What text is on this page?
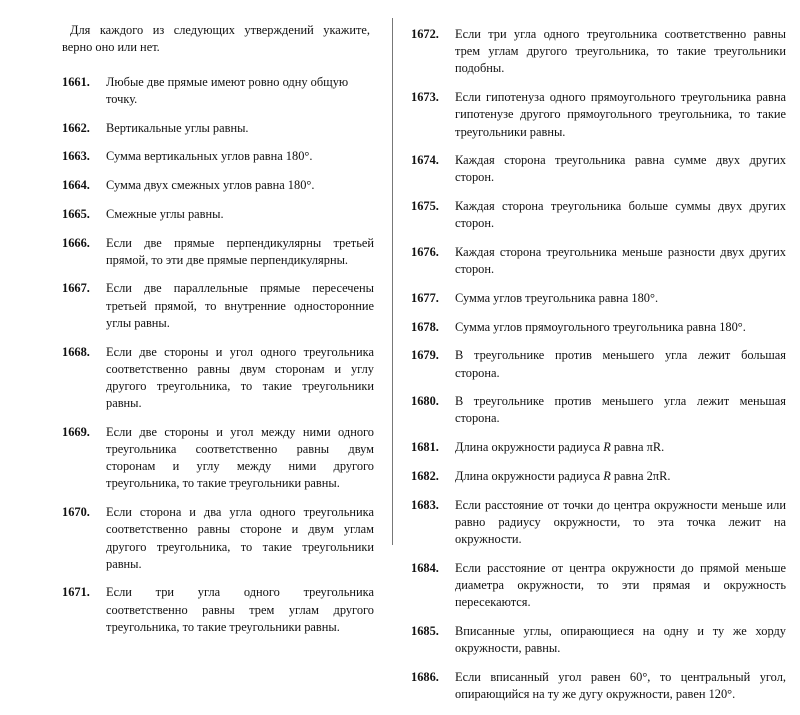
Для каждого из следующих утверждений укажите, верно оно или нет.

1661.	Любые две прямые имеют ровно одну общую точку.
1662.	Вертикальные углы равны.
1663.	Сумма вертикальных углов равна 180°.
1664.	Сумма двух смежных углов равна 180°.
1665.	Смежные углы равны.
1666.	Если две прямые перпендикулярны третьей прямой, то эти две прямые перпендикулярны.
1667.	Если две параллельные прямые пересечены третьей прямой, то внутренние односторонние углы равны.
1668.	Если две стороны и угол одного треугольника соответственно равны двум сторонам и углу другого треугольника, то такие треугольники равны.
1669.	Если две стороны и угол между ними одного треугольника соответственно равны двум сторонам и углу между ними другого треугольника, то такие треугольники равны.
1670.	Если сторона и два угла одного треугольника соответственно равны стороне и двум углам другого треугольника, то такие треугольники равны.
1671.	Если три угла одного треугольника соответственно равны трем углам другого треугольника, то такие треугольники равны.
1672.	Если три угла одного треугольника соответственно равны трем углам другого треугольника, то такие треугольники подобны.
1673.	Если гипотенуза одного прямоугольного треугольника равна гипотенузе другого прямоугольного треугольника, то такие треугольники равны.
1674.	Каждая сторона треугольника равна сумме двух других сторон.
1675.	Каждая сторона треугольника больше суммы двух других сторон.
1676.	Каждая сторона треугольника меньше разности двух других сторон.
1677.	Сумма углов треугольника равна 180°.
1678.	Сумма углов прямоугольного треугольника равна 180°.
1679.	В треугольнике против меньшего угла лежит большая сторона.
1680.	В треугольнике против меньшего угла лежит меньшая сторона.
1681.	Длина окружности радиуса R равна πR.
1682.	Длина окружности радиуса R равна 2πR.
1683.	Если расстояние от точки до центра окружности меньше или равно радиусу окружности, то эта точка лежит на окружности.
1684.	Если расстояние от центра окружности до прямой меньше диаметра окружности, то эти прямая и окружность пересекаются.
1685.	Вписанные углы, опирающиеся на одну и ту же хорду окружности, равны.
1686.	Если вписанный угол равен 60°, то центральный угол, опирающийся на ту же дугу окружности, равен 120°.
